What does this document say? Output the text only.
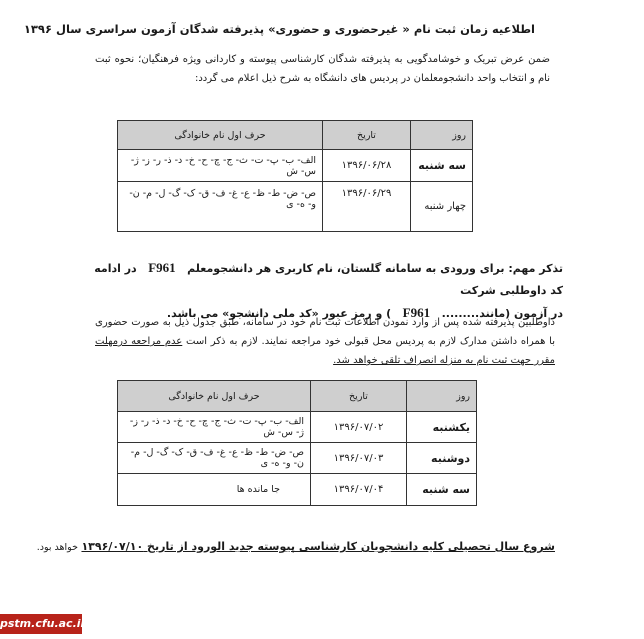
اطلاعیه زمان ثبت نام « غیرحضوری و حضوری» پذیرفته شدگان آزمون سراسری سال ۱۳۹۶
ضمن عرض تبریک و خوشامدگویی به پذیرفته شدگان کارشناسی پیوسته و کاردانی ویژه فرهنگیان؛ نحوه ثبت نام و انتخاب واحد دانشجومعلمان در پردیس های دانشگاه به شرح ذیل اعلام می گردد:
روز	تاریخ	حرف اول نام خانوادگی
سه شنبه	۱۳۹۶/۰۶/۲۸	الف- ب- پ- ت- ث- ج- چ- ح- خ- د- ذ- ر- ز- ژ- س- ش
چهار شنبه	۱۳۹۶/۰۶/۲۹	ص- ض- ط- ظ- ع- غ- ف- ق- ک- گ- ل- م- ن- و- ه- ی
تذکر مهم: برای ورودی به سامانه گلستان، نام کاربری هر دانشجومعلم   F961   در ادامه کد داوطلبی شرکت
در آزمون (مانند.........   F961   ) و رمز عبور «کد ملی دانشجو» می باشد.
داوطلبین پذیرفته شده پس از وارد نمودن اطلاعات ثبت نام خود در سامانه، طبق جدول ذیل به صورت حضوری با همراه داشتن مدارک لازم به پردیس محل قبولی خود مراجعه نمایند. لازم به ذکر است عدم مراجعه درمهلت مقرر جهت ثبت نام به منزله انصراف تلقی خواهد شد.
روز	تاریخ	حرف اول نام خانوادگی
یکشنبه	۱۳۹۶/۰۷/۰۲	الف- ب- پ- ت- ث- ج- چ- ح- خ- د- ذ- ر- ز- ژ- س- ش
دوشنبه	۱۳۹۶/۰۷/۰۳	ص- ض- ط- ظ- ع- غ- ف- ق- ک- گ- ل- م- ن- و- ه- ی
سه شنبه	۱۳۹۶/۰۷/۰۴	جا مانده ها
شروع سال تحصیلی کلیه دانشجویان کارشناسی پیوسته جدید الورود از تاریخ ۱۳۹۶/۰۷/۱۰ خواهد بود.
pstm.cfu.ac.ir
